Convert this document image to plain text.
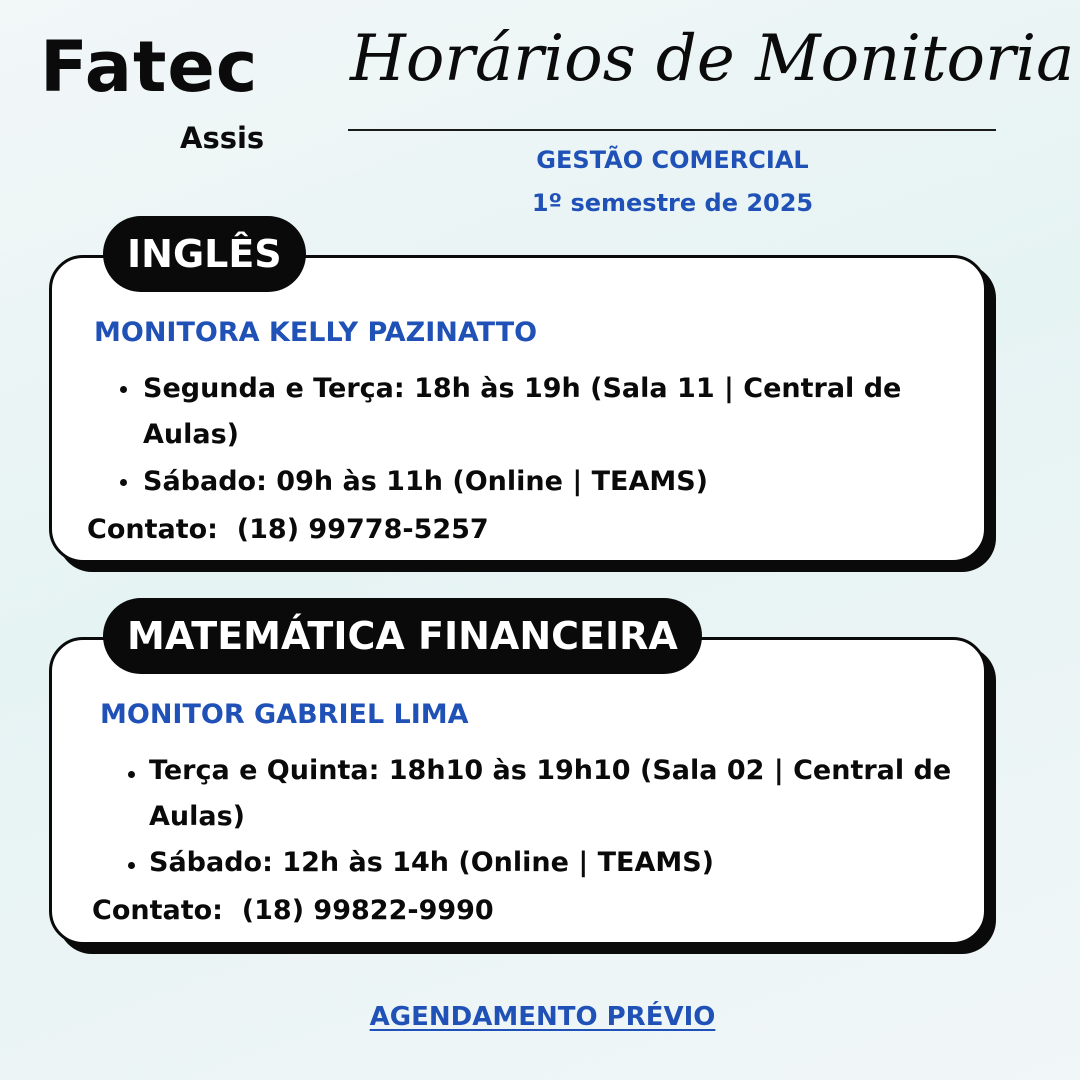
Fatec
Assis
Horários de Monitoria
GESTÃO COMERCIAL
1º semestre de 2025
INGLÊS
MONITORA KELLY PAZINATTO
Segunda e Terça: 18h às 19h (Sala 11 | Central de Aulas)
Sábado: 09h às 11h (Online | TEAMS)
Contato: (18) 99778-5257
MATEMÁTICA FINANCEIRA
MONITOR GABRIEL LIMA
Terça e Quinta: 18h10 às 19h10 (Sala 02 | Central de Aulas)
Sábado: 12h às 14h (Online | TEAMS)
Contato: (18) 99822-9990
AGENDAMENTO PRÉVIO
